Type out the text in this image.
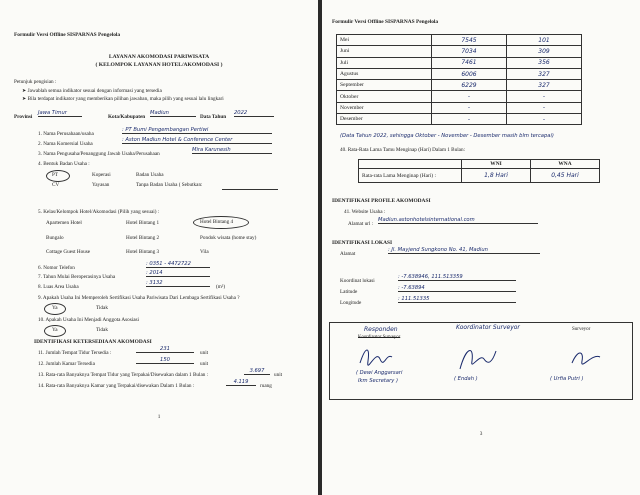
Formulir Versi Offline SISPARNAS Pengelola
LAYANAN AKOMODASI PARIWISATA
( KELOMPOK LAYANAN HOTEL/AKOMODASI )
Petunjuk pengisian :
➤ Jawablah semua indikator sesuai dengan informasi yang tersedia
➤ Bila terdapat indikator yang memberikan pilihan jawaban, maka pilih yang sesuai lalu lingkari
Provinsi
Jawa Timur
Kota/Kabupaten
Madiun
Data Tahun
2022
1. Nama Perusahaan/usaha
: PT Bumi Pengembangan Pertiwi
2. Nama Komersial Usaha
: Aston Madiun Hotel & Conference Center
3. Nama Pengusaha/Penanggung Jawab Usaha/Perusahaan
Mira Karunesih
4. Bentuk Badan Usaha :
PT	Koperasi	Badan Usaha
CV	Yayasan	Tanpa Badan Usaha ( Sebutkan:
5. Kelas/Kelompok Hotel/Akomodasi (Pilih yang sesuai) :
Apartemen Hotel	Hotel Bintang 1	Hotel Bintang 4
Bungalo	Hotel Bintang 2	Pondok wisata (home stay)
Cottage Guest House	Hotel Bintang 3	Vila
6. Nomor Telefon
: 0351 - 4472722
7. Tahun Mulai Beroperasinya Usaha
: 2014
8. Luas Area Usaha
: 3132
(m²)
9. Apakah Usaha Ini Memperoleh Sertifikasi Usaha Pariwisata Dari Lembaga Sertifikasi Usaha ?
Ya	Tidak
10. Apakah Usaha Ini Menjadi Anggota Asosiasi
Ya	Tidak
IDENTIFIKASI KETERSEDIAAN AKOMODASI
11. Jumlah Tempat Tidur Tersedia :
231
unit
12. Jumlah Kamar Tersedia
150
unit
13. Rata-rata Banyaknya Tempat Tidur yang Terpakai/Disewakan dalam 1 Bulan :
3.697
unit
14. Rata-rata Banyaknya Kamar yang Terpakai/disewakan Dalam 1 Bulan :
4.119
ruang
1
Formulir Versi Offline SISPARNAS Pengelola
Mei	7545	101
Juni	7034	309
Juli	7461	356
Agustus	6006	327
September	6229	327
Oktober	-	-
November	-	-
Desember	-	-
(Data Tahun 2022, sehingga Oktober - November - Desember masih blm tercapai)
40. Rata-Rata Lama Tamu Menginap (Hari) Dalam 1 Bulan:
	WNI	WNA
Rata-rata Lama Menginap (Hari) :	1,8 Hari	0,45 Hari
IDENTIFIKASI PROFILE AKOMODASI
41. Website Usaha :
Alamat url :
Madiun.astonhotelsinternational.com
IDENTIFIKASI LOKASI
Alamat
: Jl. Mayjend Sungkono No. 41, Madiun
Koordinat lokasi
: -7.638946, 111.513359
Latitude
: -7.63894
Longitude
: 111.51335
Responden
Koordinator Surveyor
( Dewi Anggarsari
Ikm Secretary )
Koordinator Surveyor
( Endah )
Surveyor
( Urfia Putri )
3
